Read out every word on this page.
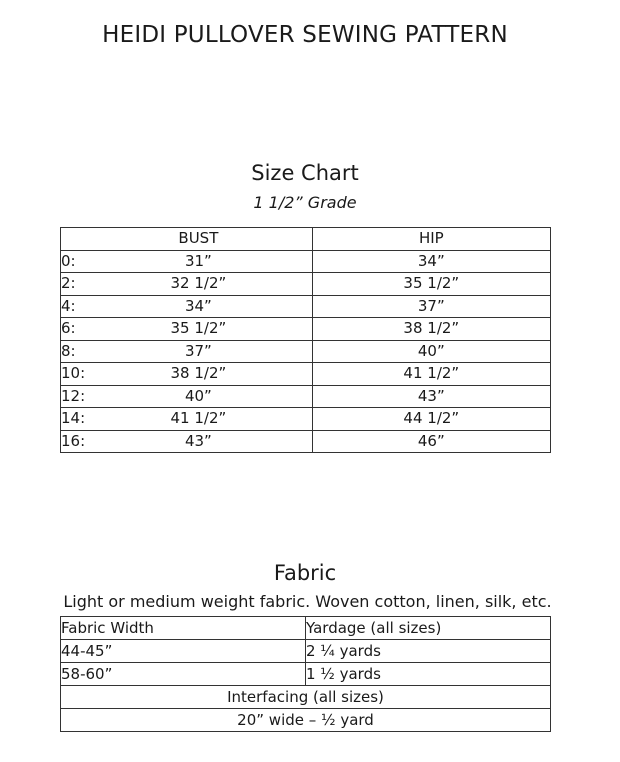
HEIDI PULLOVER SEWING PATTERN
Size Chart
1 1/2” Grade
	BUST	HIP
0:	31”	34”
2:	32 1/2”	35 1/2”
4:	34”	37”
6:	35 1/2”	38 1/2”
8:	37”	40”
10:	38 1/2”	41 1/2”
12:	40”	43”
14:	41 1/2”	44 1/2”
16:	43”	46”
Fabric
Light or medium weight fabric. Woven cotton, linen, silk, etc.
Fabric Width	Yardage (all sizes)
44-45”	2 ¼ yards
58-60”	1 ½ yards
Interfacing (all sizes)	
20” wide – ½ yard	
